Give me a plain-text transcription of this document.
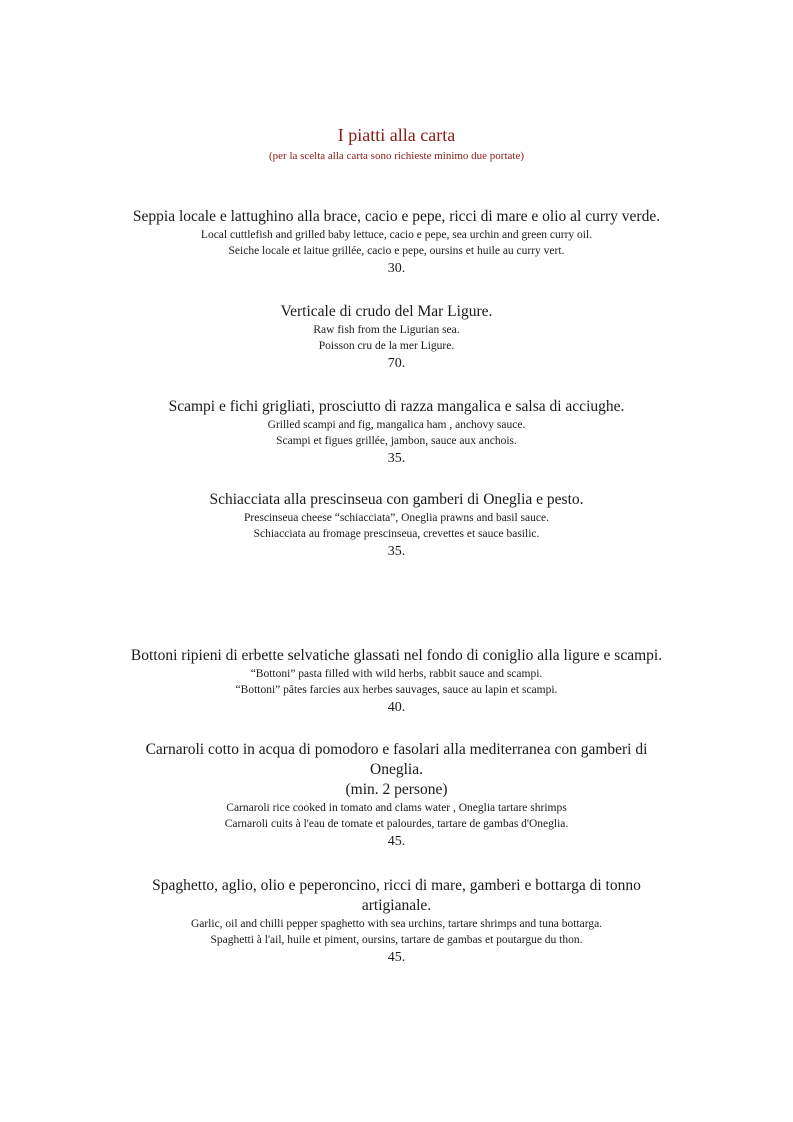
I piatti alla carta
(per la scelta alla carta sono richieste minimo due portate)
Seppia locale e lattughino alla brace, cacio e pepe, ricci di mare e olio al curry verde.
Local cuttlefish and grilled baby lettuce, cacio e pepe, sea urchin and green curry oil.
Seiche locale et laitue grillée, cacio e pepe, oursins et huile au curry vert.
30.
Verticale di crudo del Mar Ligure.
Raw fish from the Ligurian sea.
Poisson cru de la mer Ligure.
70.
Scampi e fichi grigliati, prosciutto di razza mangalica e salsa di acciughe.
Grilled scampi and fig, mangalica ham , anchovy sauce.
Scampi et figues grillée, jambon, sauce aux anchois.
35.
Schiacciata alla prescinseua con gamberi di Oneglia e pesto.
Prescinseua cheese “schiacciata”, Oneglia prawns and basil sauce.
Schiacciata au fromage prescinseua, crevettes et sauce basilic.
35.
Bottoni ripieni di erbette selvatiche glassati nel fondo di coniglio alla ligure e scampi.
“Bottoni” pasta filled with wild herbs, rabbit sauce and scampi.
“Bottoni” pâtes farcies aux herbes sauvages, sauce au lapin et scampi.
40.
Carnaroli cotto in acqua di pomodoro e fasolari alla mediterranea con gamberi di
Oneglia.
(min. 2 persone)
Carnaroli rice cooked in tomato and clams water , Oneglia tartare shrimps
Carnaroli cuits à l'eau de tomate et palourdes, tartare de gambas d'Oneglia.
45.
Spaghetto, aglio, olio e peperoncino, ricci di mare, gamberi e bottarga di tonno
artigianale.
Garlic, oil and chilli pepper spaghetto with sea urchins, tartare shrimps and tuna bottarga.
Spaghetti à l'ail, huile et piment, oursins, tartare de gambas et poutargue du thon.
45.
